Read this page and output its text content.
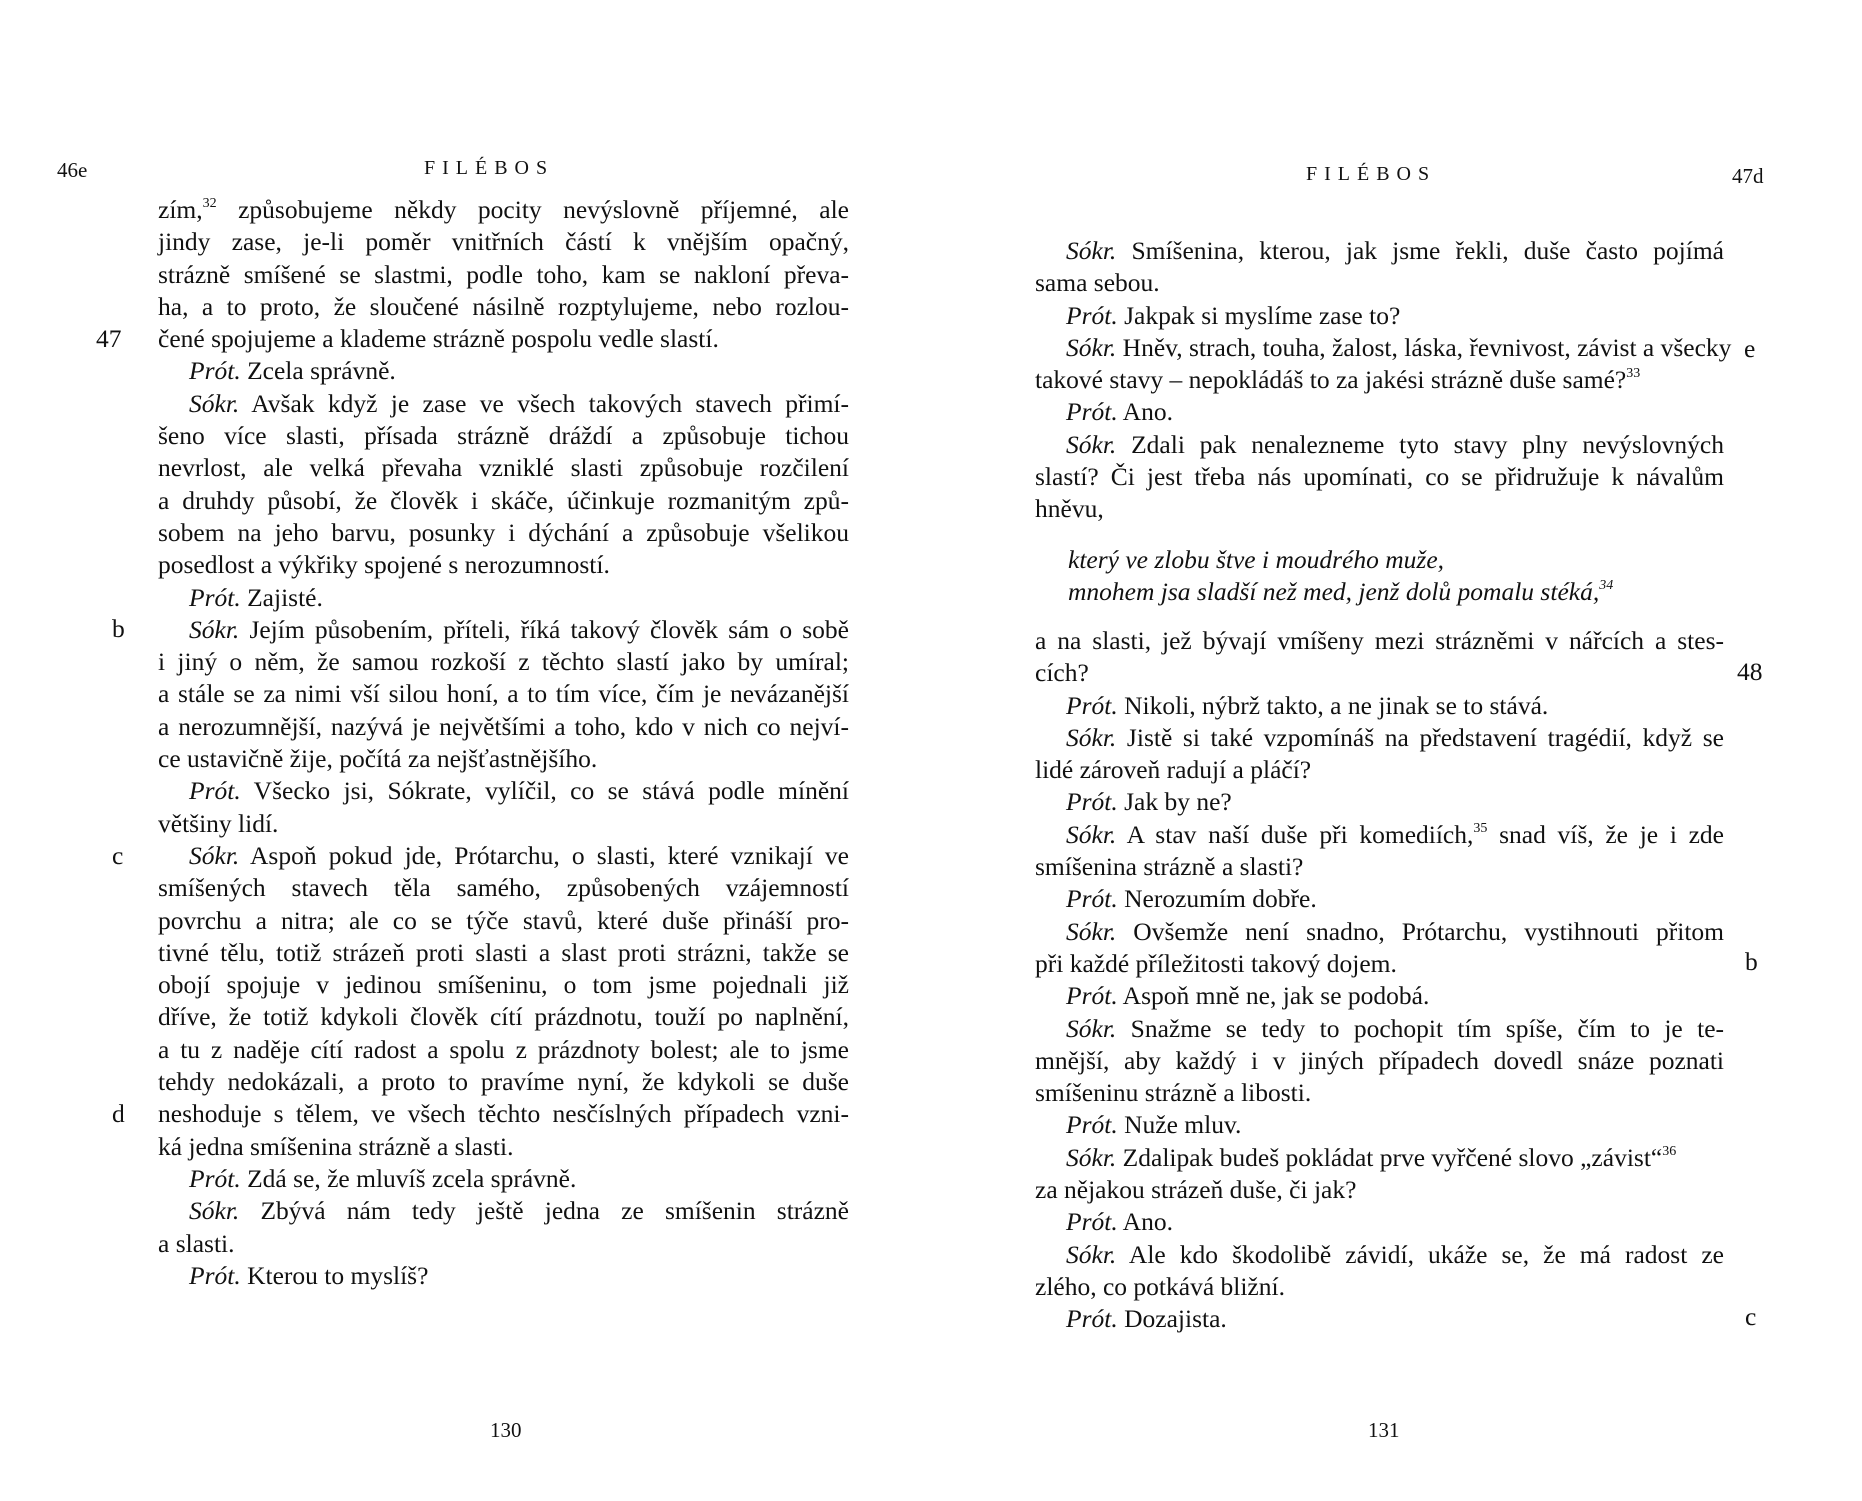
46e	FILÉBOS
47
b
c
d
zím,$^{32}$ způsobujeme někdy pocity nevýslovně příjemné, ale
jindy zase, je-li poměr vnitřních částí k vnějším opačný,
strázně smíšené se slastmi, podle toho, kam se nakloní převa-
ha, a to proto, že sloučené násilně rozptylujeme, nebo rozlou-
čené spojujeme a klademe strázně pospolu vedle slastí.
Prót. Zcela správně.
Sókr. Avšak když je zase ve všech takových stavech přimí-
šeno více slasti, přísada strázně dráždí a způsobuje tichou
nevrlost, ale velká převaha vzniklé slasti způsobuje rozčilení
a druhdy působí, že člověk i skáče, účinkuje rozmanitým způ-
sobem na jeho barvu, posunky i dýchání a způsobuje všelikou
posedlost a výkřiky spojené s nerozumností.
Prót. Zajisté.
Sókr. Jejím působením, příteli, říká takový člověk sám o sobě
i jiný o něm, že samou rozkoší z těchto slastí jako by umíral;
a stále se za nimi vší silou honí, a to tím více, čím je nevázanější
a nerozumnější, nazývá je největšími a toho, kdo v nich co nejví-
ce ustavičně žije, počítá za nejšťastnějšího.
Prót. Všecko jsi, Sókrate, vylíčil, co se stává podle mínění
většiny lidí.
Sókr. Aspoň pokud jde, Prótarchu, o slasti, které vznikají ve
smíšených stavech těla samého, způsobených vzájemností
povrchu a nitra; ale co se týče stavů, které duše přináší pro-
tivné tělu, totiž strázeň proti slasti a slast proti strázni, takže se
obojí spojuje v jedinou smíšeninu, o tom jsme pojednali již
dříve, že totiž kdykoli člověk cítí prázdnotu, touží po naplnění,
a tu z naděje cítí radost a spolu z prázdnoty bolest; ale to jsme
tehdy nedokázali, a proto to pravíme nyní, že kdykoli se duše
neshoduje s tělem, ve všech těchto nesčíslných případech vzni-
ká jedna smíšenina strázně a slasti.
Prót. Zdá se, že mluvíš zcela správně.
Sókr. Zbývá nám tedy ještě jedna ze smíšenin strázně
a slasti.
Prót. Kterou to myslíš?
130
FILÉBOS	47d
e
48
b
c
Sókr. Smíšenina, kterou, jak jsme řekli, duše často pojímá
sama sebou.
Prót. Jakpak si myslíme zase to?
Sókr. Hněv, strach, touha, žalost, láska, řevnivost, závist a všecky
takové stavy – nepokládáš to za jakési strázně duše samé?$^{33}$
Prót. Ano.
Sókr. Zdali pak nenalezneme tyto stavy plny nevýslovných
slastí? Či jest třeba nás upomínati, co se přidružuje k návalům
hněvu,
který ve zlobu štve i moudrého muže,
mnohem jsa sladší než med, jenž dolů pomalu stéká,$^{34}$
a na slasti, jež bývají vmíšeny mezi strázněmi v nářcích a stes-
cích?
Prót. Nikoli, nýbrž takto, a ne jinak se to stává.
Sókr. Jistě si také vzpomínáš na představení tragédií, když se
lidé zároveň radují a pláčí?
Prót. Jak by ne?
Sókr. A stav naší duše při komediích,$^{35}$ snad víš, že je i zde
smíšenina strázně a slasti?
Prót. Nerozumím dobře.
Sókr. Ovšemže není snadno, Prótarchu, vystihnouti přitom
při každé příležitosti takový dojem.
Prót. Aspoň mně ne, jak se podobá.
Sókr. Snažme se tedy to pochopit tím spíše, čím to je te-
mnější, aby každý i v jiných případech dovedl snáze poznati
smíšeninu strázně a libosti.
Prót. Nuže mluv.
Sókr. Zdalipak budeš pokládat prve vyřčené slovo „závist“$^{36}$
za nějakou strázeň duše, či jak?
Prót. Ano.
Sókr. Ale kdo škodolibě závidí, ukáže se, že má radost ze
zlého, co potkává bližní.
Prót. Dozajista.
131
